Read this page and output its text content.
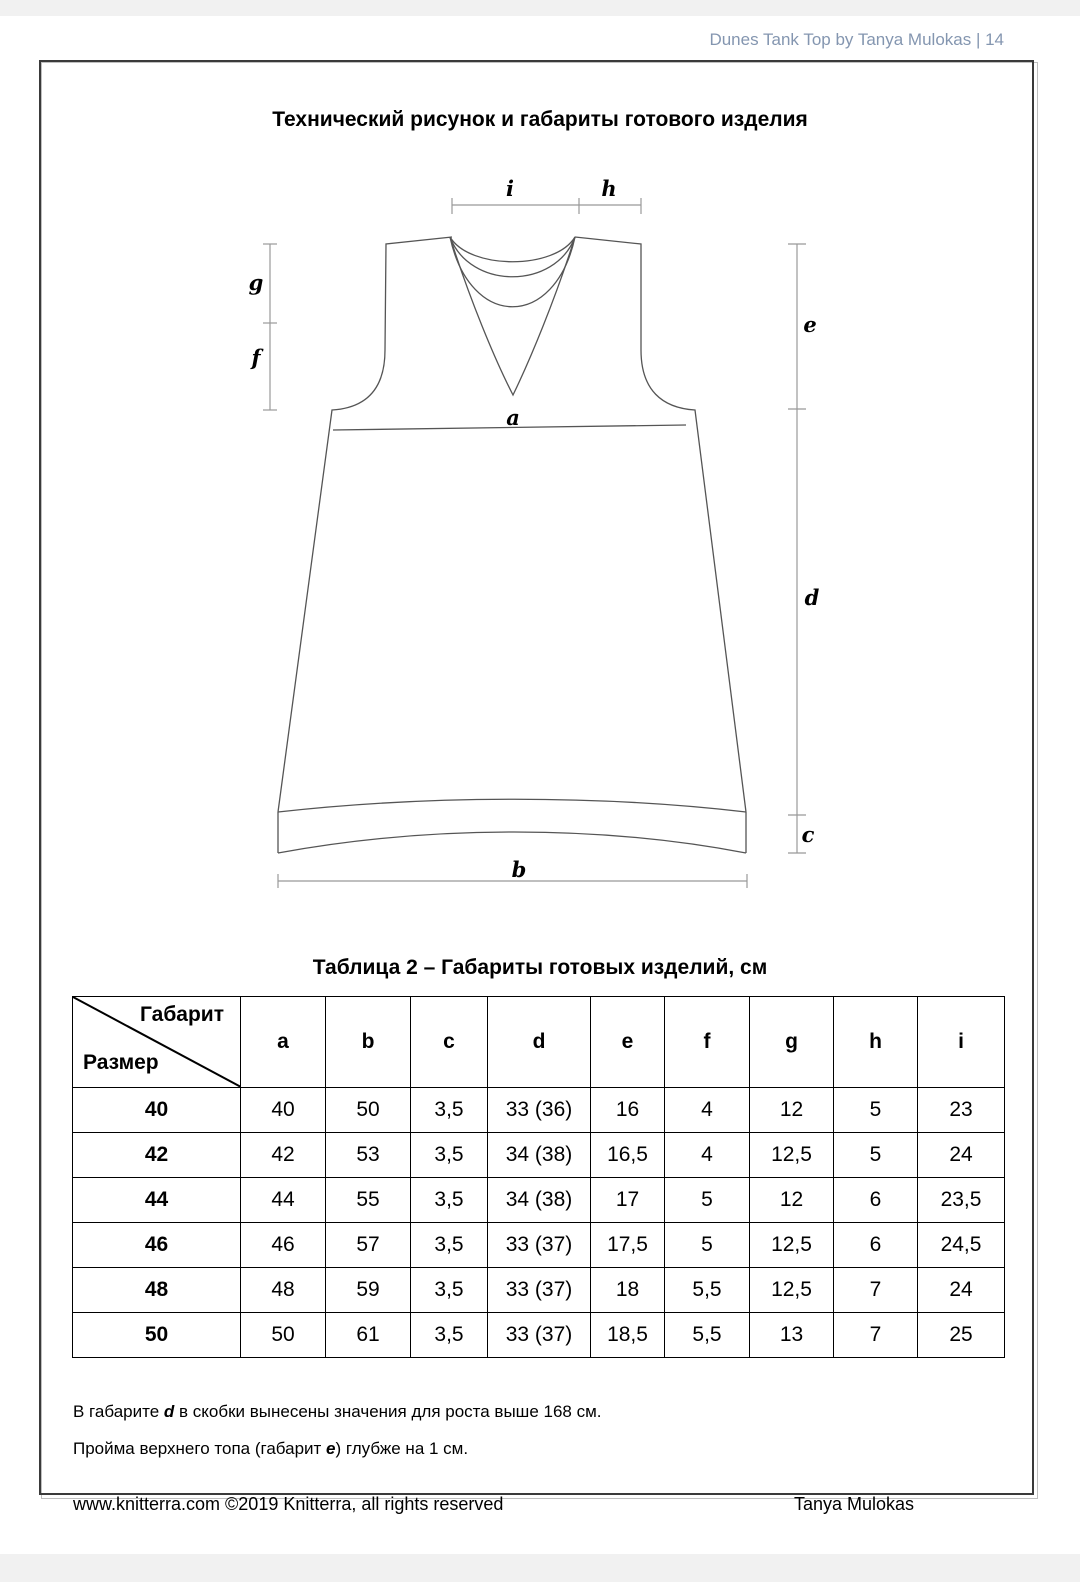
Dunes Tank Top by Tanya Mulokas | 14
Технический рисунок и габариты готового изделия
i	h
g
f
a
e
d
c
b
Таблица 2 – Габариты готовых изделий, см
Габарит
Размер	a	b	c	d	e	f	g	h	i
40	40	50	3,5	33 (36)	16	4	12	5	23
42	42	53	3,5	34 (38)	16,5	4	12,5	5	24
44	44	55	3,5	34 (38)	17	5	12	6	23,5
46	46	57	3,5	33 (37)	17,5	5	12,5	6	24,5
48	48	59	3,5	33 (37)	18	5,5	12,5	7	24
50	50	61	3,5	33 (37)	18,5	5,5	13	7	25
В габарите d в скобки вынесены значения для роста выше 168 см.
Пройма верхнего топа (габарит e) глубже на 1 см.
www.knitterra.com ©2019 Knitterra, all rights reserved	Tanya Mulokas
